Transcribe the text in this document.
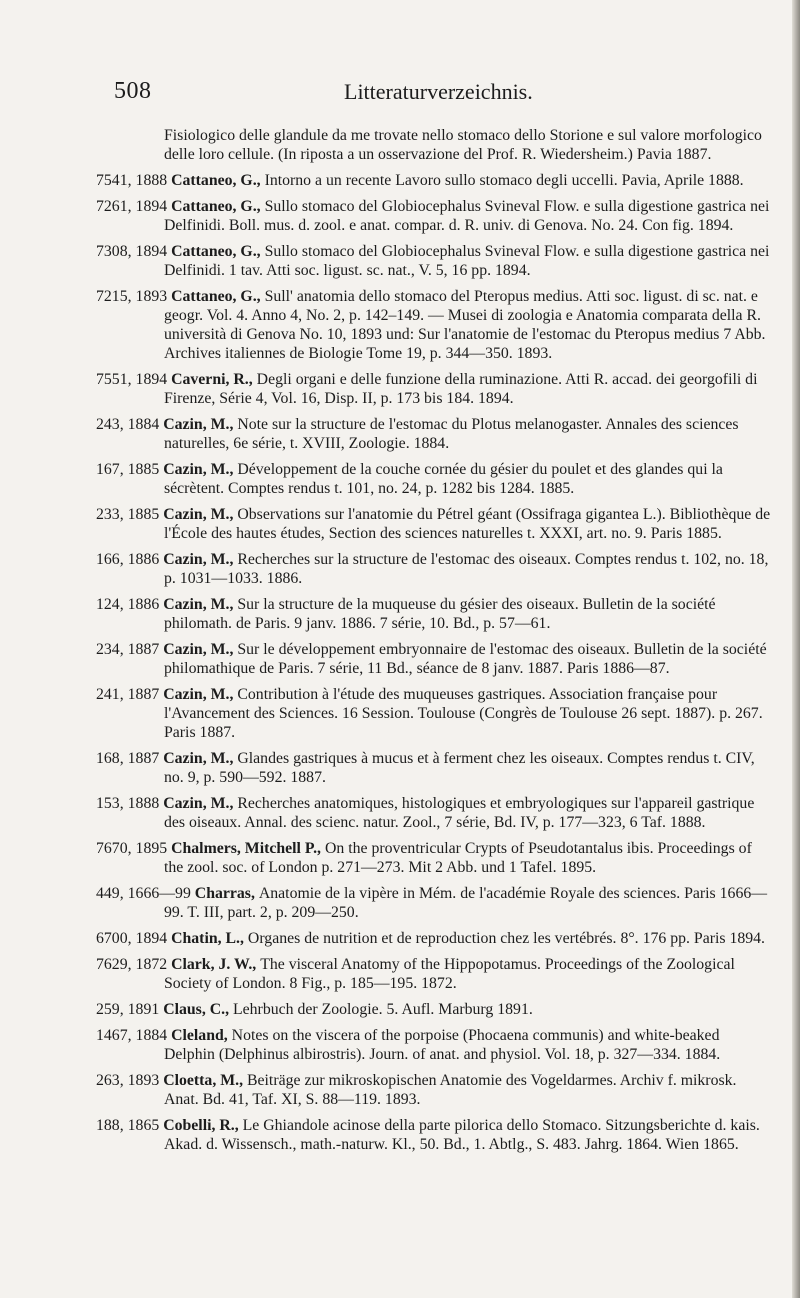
508	Litteraturverzeichnis.
Fisiologico delle glandule da me trovate nello stomaco dello Storione e sul valore morfologico delle loro cellule. (In riposta a un osservazione del Prof. R. Wiedersheim.) Pavia 1887.
7541, 1888 Cattaneo, G., Intorno a un recente Lavoro sullo stomaco degli uccelli. Pavia, Aprile 1888.
7261, 1894 Cattaneo, G., Sullo stomaco del Globiocephalus Svineval Flow. e sulla digestione gastrica nei Delfinidi. Boll. mus. d. zool. e anat. compar. d. R. univ. di Genova. No. 24. Con fig. 1894.
7308, 1894 Cattaneo, G., Sullo stomaco del Globiocephalus Svineval Flow. e sulla digestione gastrica nei Delfinidi. 1 tav. Atti soc. ligust. sc. nat., V. 5, 16 pp. 1894.
7215, 1893 Cattaneo, G., Sull' anatomia dello stomaco del Pteropus medius. Atti soc. ligust. di sc. nat. e geogr. Vol. 4. Anno 4, No. 2, p. 142–149. — Musei di zoologia e Anatomia comparata della R. università di Genova No. 10, 1893 und: Sur l'anatomie de l'estomac du Pteropus medius 7 Abb. Archives italiennes de Biologie Tome 19, p. 344—350. 1893.
7551, 1894 Caverni, R., Degli organi e delle funzione della ruminazione. Atti R. accad. dei georgofili di Firenze, Série 4, Vol. 16, Disp. II, p. 173 bis 184. 1894.
243, 1884 Cazin, M., Note sur la structure de l'estomac du Plotus melanogaster. Annales des sciences naturelles, 6e série, t. XVIII, Zoologie. 1884.
167, 1885 Cazin, M., Développement de la couche cornée du gésier du poulet et des glandes qui la sécrètent. Comptes rendus t. 101, no. 24, p. 1282 bis 1284. 1885.
233, 1885 Cazin, M., Observations sur l'anatomie du Pétrel géant (Ossifraga gigantea L.). Bibliothèque de l'École des hautes études, Section des sciences naturelles t. XXXI, art. no. 9. Paris 1885.
166, 1886 Cazin, M., Recherches sur la structure de l'estomac des oiseaux. Comptes rendus t. 102, no. 18, p. 1031—1033. 1886.
124, 1886 Cazin, M., Sur la structure de la muqueuse du gésier des oiseaux. Bulletin de la société philomath. de Paris. 9 janv. 1886. 7 série, 10. Bd., p. 57—61.
234, 1887 Cazin, M., Sur le développement embryonnaire de l'estomac des oiseaux. Bulletin de la société philomathique de Paris. 7 série, 11 Bd., séance de 8 janv. 1887. Paris 1886—87.
241, 1887 Cazin, M., Contribution à l'étude des muqueuses gastriques. Association française pour l'Avancement des Sciences. 16 Session. Toulouse (Congrès de Toulouse 26 sept. 1887). p. 267. Paris 1887.
168, 1887 Cazin, M., Glandes gastriques à mucus et à ferment chez les oiseaux. Comptes rendus t. CIV, no. 9, p. 590—592. 1887.
153, 1888 Cazin, M., Recherches anatomiques, histologiques et embryologiques sur l'appareil gastrique des oiseaux. Annal. des scienc. natur. Zool., 7 série, Bd. IV, p. 177—323, 6 Taf. 1888.
7670, 1895 Chalmers, Mitchell P., On the proventricular Crypts of Pseudotantalus ibis. Proceedings of the zool. soc. of London p. 271—273. Mit 2 Abb. und 1 Tafel. 1895.
449, 1666—99 Charras, Anatomie de la vipère in Mém. de l'académie Royale des sciences. Paris 1666—99. T. III, part. 2, p. 209—250.
6700, 1894 Chatin, L., Organes de nutrition et de reproduction chez les vertébrés. 8°. 176 pp. Paris 1894.
7629, 1872 Clark, J. W., The visceral Anatomy of the Hippopotamus. Proceedings of the Zoological Society of London. 8 Fig., p. 185—195. 1872.
259, 1891 Claus, C., Lehrbuch der Zoologie. 5. Aufl. Marburg 1891.
1467, 1884 Cleland, Notes on the viscera of the porpoise (Phocaena communis) and white-beaked Delphin (Delphinus albirostris). Journ. of anat. and physiol. Vol. 18, p. 327—334. 1884.
263, 1893 Cloetta, M., Beiträge zur mikroskopischen Anatomie des Vogeldarmes. Archiv f. mikrosk. Anat. Bd. 41, Taf. XI, S. 88—119. 1893.
188, 1865 Cobelli, R., Le Ghiandole acinose della parte pilorica dello Stomaco. Sitzungsberichte d. kais. Akad. d. Wissensch., math.-naturw. Kl., 50. Bd., 1. Abtlg., S. 483. Jahrg. 1864. Wien 1865.
